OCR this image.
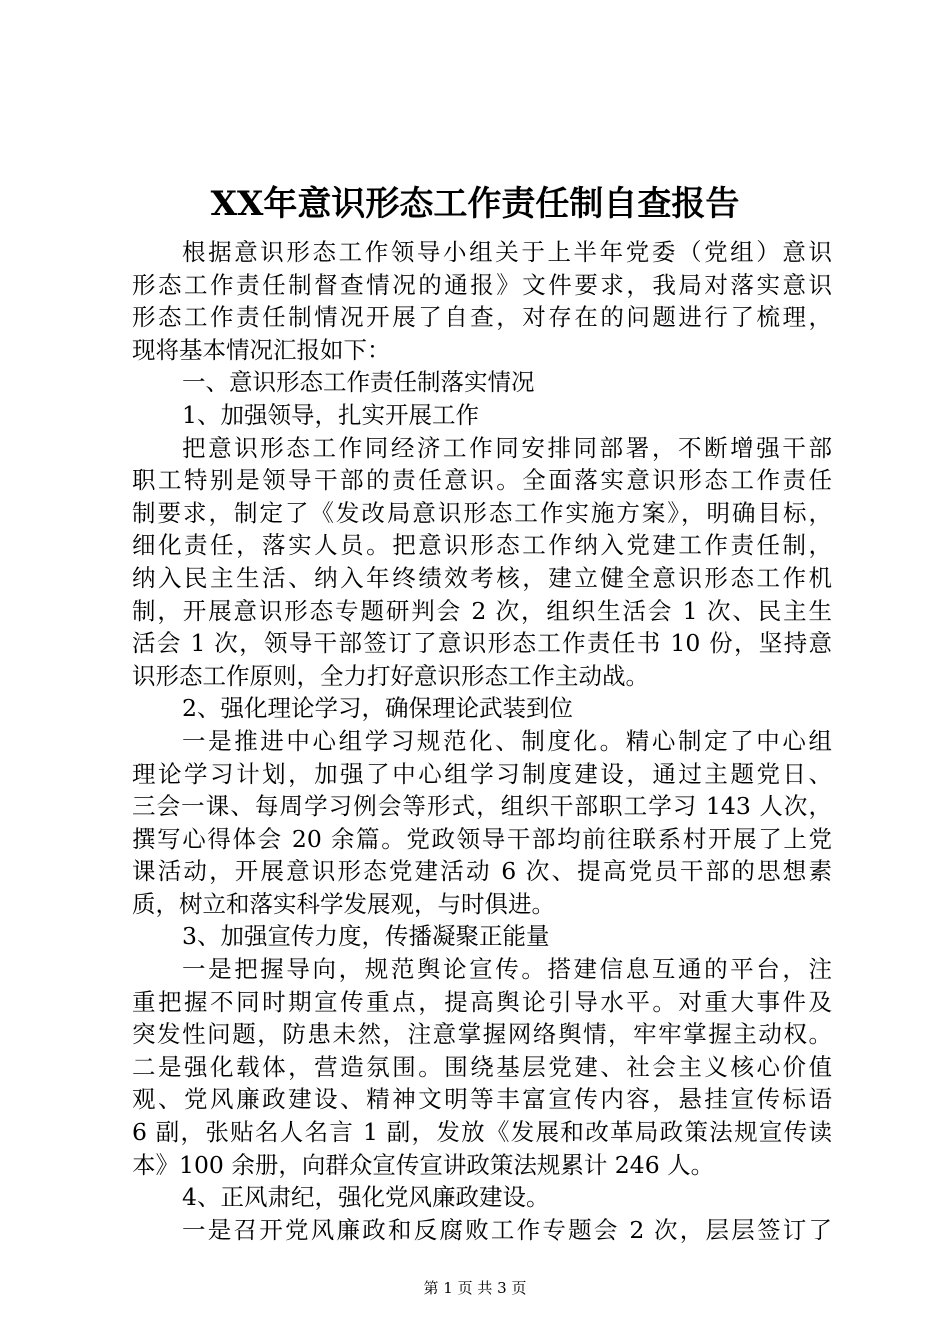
XX年意识形态工作责任制自查报告
根据意识形态工作领导小组关于上半年党委（党组）意识
形态工作责任制督查情况的通报》文件要求，我局对落实意识
形态工作责任制情况开展了自查，对存在的问题进行了梳理，
现将基本情况汇报如下：
一、意识形态工作责任制落实情况
1、加强领导，扎实开展工作
把意识形态工作同经济工作同安排同部署，不断增强干部
职工特别是领导干部的责任意识。全面落实意识形态工作责任
制要求，制定了《发改局意识形态工作实施方案》，明确目标，
细化责任，落实人员。把意识形态工作纳入党建工作责任制，
纳入民主生活、纳入年终绩效考核，建立健全意识形态工作机
制，开展意识形态专题研判会 2 次，组织生活会 1 次、民主生
活会 1 次，领导干部签订了意识形态工作责任书 10 份，坚持意
识形态工作原则，全力打好意识形态工作主动战。
2、强化理论学习，确保理论武装到位
一是推进中心组学习规范化、制度化。精心制定了中心组
理论学习计划，加强了中心组学习制度建设，通过主题党日、
三会一课、每周学习例会等形式，组织干部职工学习 143 人次，
撰写心得体会 20 余篇。党政领导干部均前往联系村开展了上党
课活动，开展意识形态党建活动 6 次、提高党员干部的思想素
质，树立和落实科学发展观，与时俱进。
3、加强宣传力度，传播凝聚正能量
一是把握导向，规范舆论宣传。搭建信息互通的平台，注
重把握不同时期宣传重点，提高舆论引导水平。对重大事件及
突发性问题，防患未然，注意掌握网络舆情，牢牢掌握主动权。
二是强化载体，营造氛围。围绕基层党建、社会主义核心价值
观、党风廉政建设、精神文明等丰富宣传内容，悬挂宣传标语
6 副，张贴名人名言 1 副，发放《发展和改革局政策法规宣传读
本》100 余册，向群众宣传宣讲政策法规累计 246 人。
4、正风肃纪，强化党风廉政建设。
一是召开党风廉政和反腐败工作专题会 2 次，层层签订了
第 1 页 共 3 页
